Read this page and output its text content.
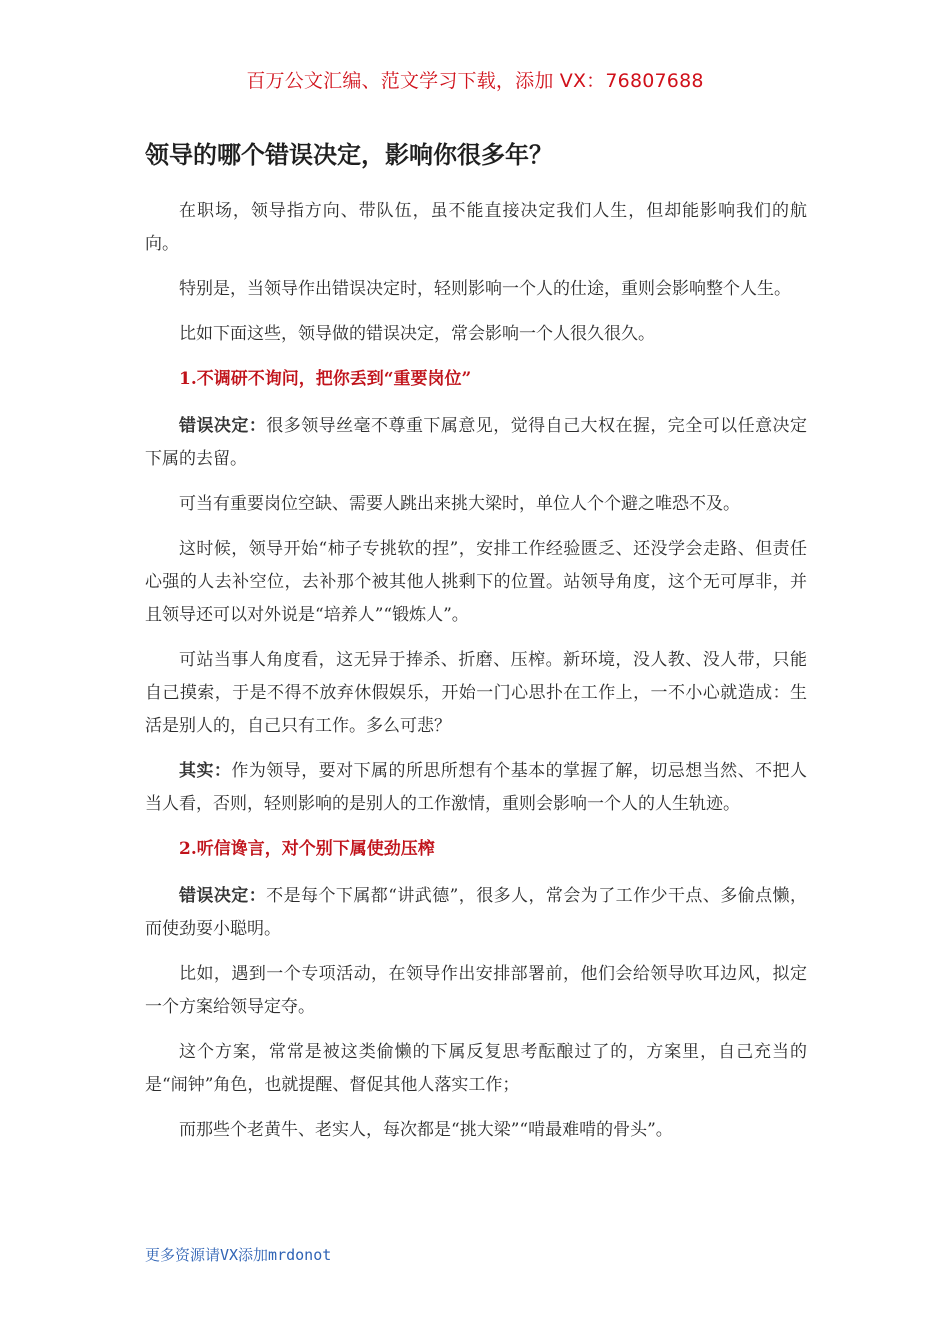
百万公文汇编、范文学习下载，添加 VX：76807688
领导的哪个错误决定，影响你很多年？

在职场，领导指方向、带队伍，虽不能直接决定我们人生，但却能影响我们的航向。

特别是，当领导作出错误决定时，轻则影响一个人的仕途，重则会影响整个人生。

比如下面这些，领导做的错误决定，常会影响一个人很久很久。

1.不调研不询问，把你丢到“重要岗位”

错误决定：很多领导丝毫不尊重下属意见，觉得自己大权在握，完全可以任意决定下属的去留。

可当有重要岗位空缺、需要人跳出来挑大梁时，单位人个个避之唯恐不及。

这时候，领导开始“柿子专挑软的捏”，安排工作经验匮乏、还没学会走路、但责任心强的人去补空位，去补那个被其他人挑剩下的位置。站领导角度，这个无可厚非，并且领导还可以对外说是“培养人”“锻炼人”。

可站当事人角度看，这无异于捧杀、折磨、压榨。新环境，没人教、没人带，只能自己摸索，于是不得不放弃休假娱乐，开始一门心思扑在工作上，一不小心就造成：生活是别人的，自己只有工作。多么可悲？

其实：作为领导，要对下属的所思所想有个基本的掌握了解，切忌想当然、不把人当人看，否则，轻则影响的是别人的工作激情，重则会影响一个人的人生轨迹。

2.听信谗言，对个别下属使劲压榨

错误决定：不是每个下属都“讲武德”，很多人，常会为了工作少干点、多偷点懒，而使劲耍小聪明。

比如，遇到一个专项活动，在领导作出安排部署前，他们会给领导吹耳边风，拟定一个方案给领导定夺。

这个方案，常常是被这类偷懒的下属反复思考酝酿过了的，方案里，自己充当的是“闹钟”角色，也就提醒、督促其他人落实工作；

而那些个老黄牛、老实人，每次都是“挑大梁”“啃最难啃的骨头”。

更多资源请VX添加mrdonot
